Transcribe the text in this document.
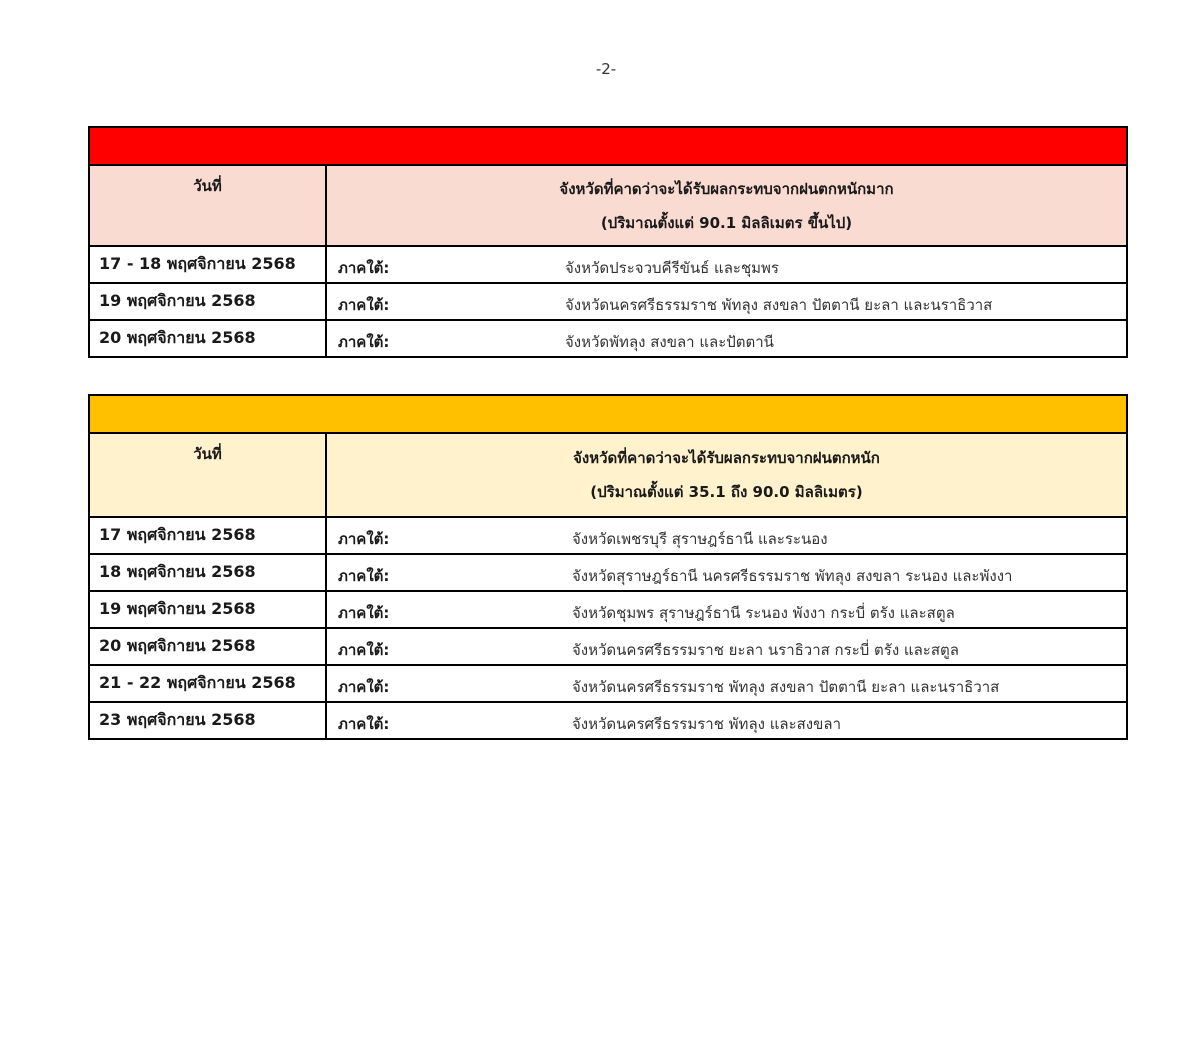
-2-

วันที่	จังหวัดที่คาดว่าจะได้รับผลกระทบจากฝนตกหนักมาก
(ปริมาณตั้งแต่ 90.1 มิลลิเมตร ขึ้นไป)

17 - 18 พฤศจิกายน 2568	ภาคใต้: จังหวัดประจวบคีรีขันธ์ และชุมพร

19 พฤศจิกายน 2568	ภาคใต้: จังหวัดนครศรีธรรมราช พัทลุง สงขลา ปัตตานี ยะลา และนราธิวาส

20 พฤศจิกายน 2568	ภาคใต้: จังหวัดพัทลุง สงขลา และปัตตานี

วันที่	จังหวัดที่คาดว่าจะได้รับผลกระทบจากฝนตกหนัก
(ปริมาณตั้งแต่ 35.1 ถึง 90.0 มิลลิเมตร)

17 พฤศจิกายน 2568	ภาคใต้: จังหวัดเพชรบุรี สุราษฎร์ธานี และระนอง

18 พฤศจิกายน 2568	ภาคใต้: จังหวัดสุราษฎร์ธานี นครศรีธรรมราช พัทลุง สงขลา ระนอง และพังงา

19 พฤศจิกายน 2568	ภาคใต้: จังหวัดชุมพร สุราษฎร์ธานี ระนอง พังงา กระบี่ ตรัง และสตูล

20 พฤศจิกายน 2568	ภาคใต้: จังหวัดนครศรีธรรมราช ยะลา นราธิวาส กระบี่ ตรัง และสตูล

21 - 22 พฤศจิกายน 2568	ภาคใต้: จังหวัดนครศรีธรรมราช พัทลุง สงขลา ปัตตานี ยะลา และนราธิวาส

23 พฤศจิกายน 2568	ภาคใต้: จังหวัดนครศรีธรรมราช พัทลุง และสงขลา
